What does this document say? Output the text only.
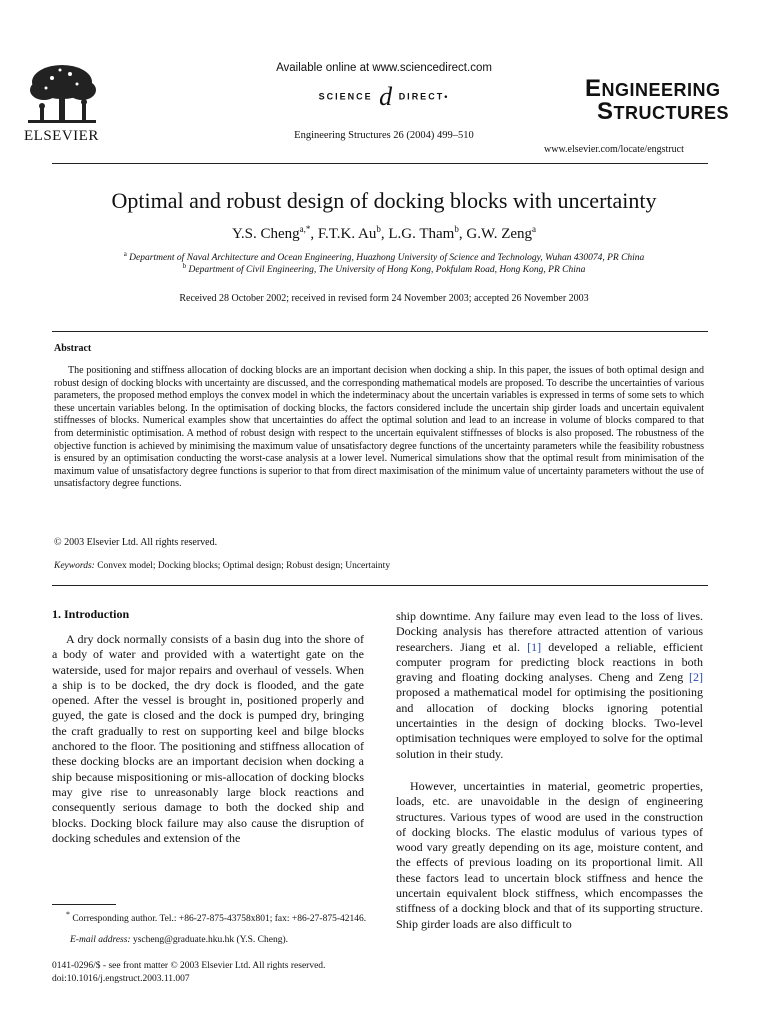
ELSEVIER
Available online at www.sciencedirect.com
SCIENCE d DIRECT•
Engineering Structures 26 (2004) 499–510
ENGINEERING
STRUCTURES
www.elsevier.com/locate/engstruct
Optimal and robust design of docking blocks with uncertainty
Y.S. Cheng$^{a,*}$, F.T.K. Au$^b$, L.G. Tham$^b$, G.W. Zeng$^a$
$^a$ Department of Naval Architecture and Ocean Engineering, Huazhong University of Science and Technology, Wuhan 430074, PR China
$^b$ Department of Civil Engineering, The University of Hong Kong, Pokfulam Road, Hong Kong, PR China
Received 28 October 2002; received in revised form 24 November 2003; accepted 26 November 2003
Abstract

The positioning and stiffness allocation of docking blocks are an important decision when docking a ship. In this paper, the issues of both optimal design and robust design of docking blocks with uncertainty are discussed, and the corresponding mathematical models are proposed. To describe the uncertainties of various parameters, the proposed method employs the convex model in which the indeterminacy about the uncertain variables is expressed in terms of some sets to which these uncertain variables belong. In the optimisation of docking blocks, the factors considered include the uncertain ship girder loads and uncertain equivalent stiffnesses of blocks. Numerical examples show that uncertainties do affect the optimal solution and lead to an increase in volume of blocks compared to that from deterministic optimisation. A method of robust design with respect to the uncertain equivalent stiffnesses of blocks is also proposed. The robustness of the objective function is achieved by minimising the maximum value of unsatisfactory degree functions of the uncertainty parameters while the feasibility robustness is ensured by an optimisation conducting the worst-case analysis at a lower level. Numerical simulations show that the optimal result from minimisation of the maximum value of unsatisfactory degree functions is superior to that from direct maximisation of the minimum value of uncertainty parameters without the use of unsatisfactory degree functions.

© 2003 Elsevier Ltd. All rights reserved.
Keywords: Convex model; Docking blocks; Optimal design; Robust design; Uncertainty
1. Introduction

A dry dock normally consists of a basin dug into the shore of a body of water and provided with a watertight gate on the waterside, used for major repairs and overhaul of vessels. When a ship is to be docked, the dry dock is flooded, and the gate opened. After the vessel is brought in, positioned properly and guyed, the gate is closed and the dock is pumped dry, bringing the craft gradually to rest on supporting keel and bilge blocks anchored to the floor. The positioning and stiffness allocation of these docking blocks are an important decision when docking a ship because mispositioning or mis-allocation of docking blocks may give rise to unreasonably large block reactions and consequently serious damage to both the docked ship and blocks. Docking block failure may also cause the disruption of docking schedules and extension of the

ship downtime. Any failure may even lead to the loss of lives. Docking analysis has therefore attracted attention of various researchers. Jiang et al. [1] developed a reliable, efficient computer program for predicting block reactions in both graving and floating docking analyses. Cheng and Zeng [2] proposed a mathematical model for optimising the positioning and allocation of docking blocks ignoring potential uncertainties in the design of docking blocks. Two-level optimisation techniques were employed to solve for the optimal solution in their study.

However, uncertainties in material, geometric properties, loads, etc. are unavoidable in the design of engineering structures. Various types of wood are used in the construction of docking blocks. The elastic modulus of various types of wood vary greatly depending on its age, moisture content, and the effects of previous loading on its proportional limit. All these factors lead to uncertain block stiffness and hence the uncertain equivalent block stiffness, which encompasses the stiffness of a docking block and that of its supporting structure. Ship girder loads are also difficult to

* Corresponding author. Tel.: +86-27-875-43758x801; fax: +86-27-875-42146.
E-mail address: yscheng@graduate.hku.hk (Y.S. Cheng).
0141-0296/$ - see front matter © 2003 Elsevier Ltd. All rights reserved.
doi:10.1016/j.engstruct.2003.11.007
